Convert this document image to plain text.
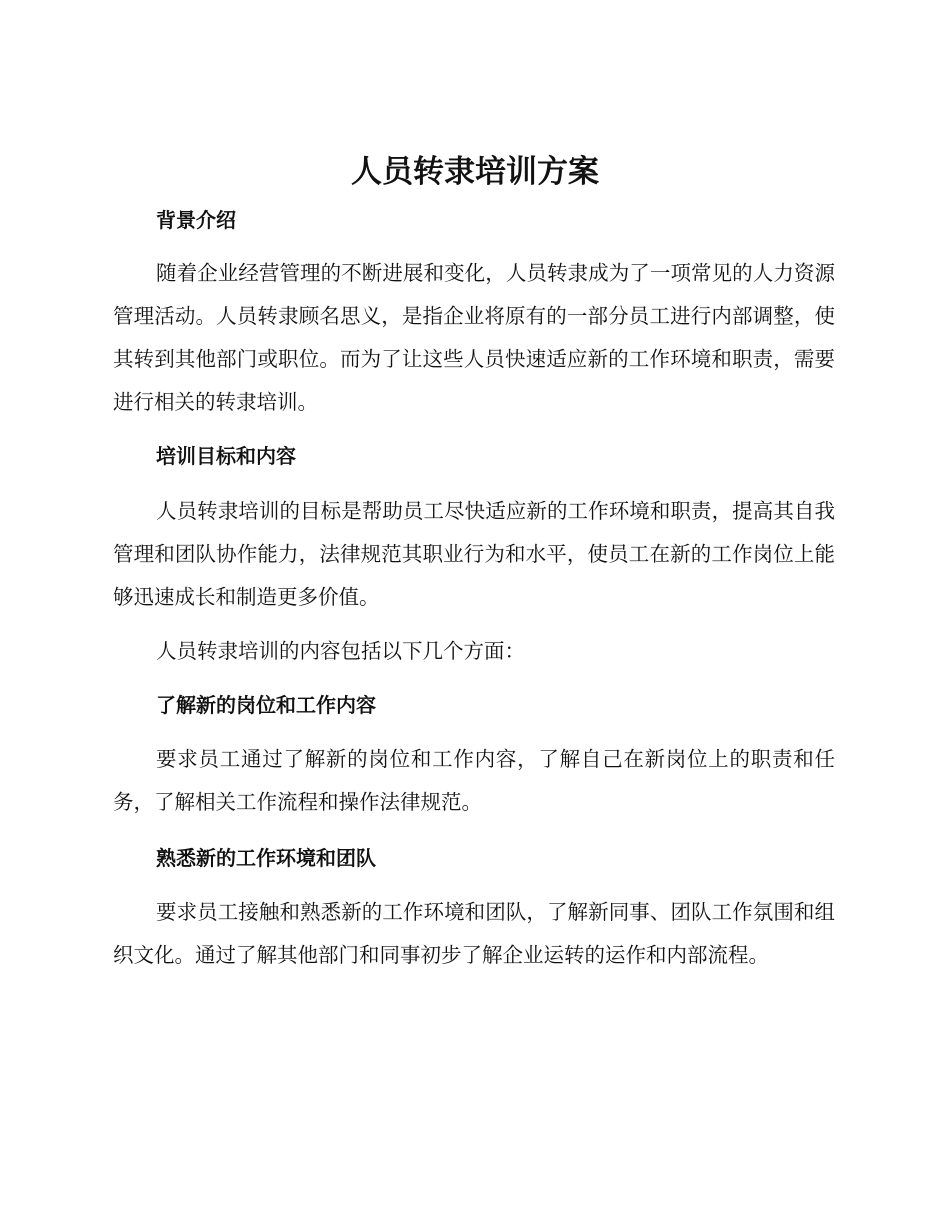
人员转隶培训方案
背景介绍

随着企业经营管理的不断进展和变化，人员转隶成为了一项常见的人力资源管理活动。人员转隶顾名思义，是指企业将原有的一部分员工进行内部调整，使其转到其他部门或职位。而为了让这些人员快速适应新的工作环境和职责，需要进行相关的转隶培训。

培训目标和内容

人员转隶培训的目标是帮助员工尽快适应新的工作环境和职责，提高其自我管理和团队协作能力，法律规范其职业行为和水平，使员工在新的工作岗位上能够迅速成长和制造更多价值。

人员转隶培训的内容包括以下几个方面：

了解新的岗位和工作内容

要求员工通过了解新的岗位和工作内容，了解自己在新岗位上的职责和任务，了解相关工作流程和操作法律规范。

熟悉新的工作环境和团队

要求员工接触和熟悉新的工作环境和团队，了解新同事、团队工作氛围和组织文化。通过了解其他部门和同事初步了解企业运转的运作和内部流程。
